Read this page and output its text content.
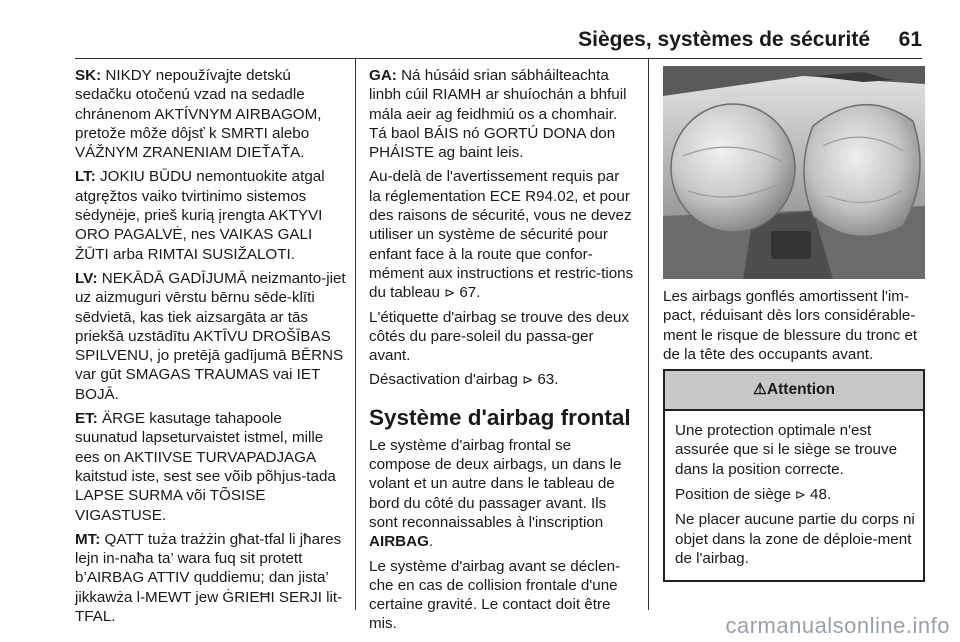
Sièges, systèmes de sécurité 61

SK: NIKDY nepoužívajte detskú sedačku otočenú vzad na sedadle chránenom AKTÍVNYM AIRBAGOM, pretože môže dôjsť k SMRTI alebo VÁŽNYM ZRANENIAM DIEŤAŤA.

LT: JOKIU BŪDU nemontuokite atgal atgręžtos vaiko tvirtinimo sistemos sėdynėje, prieš kurią įrengta AKTYVI ORO PAGALVĖ, nes VAIKAS GALI ŽŪTI arba RIMTAI SUSIŽALOTI.

LV: NEKĀDĀ GADĪJUMĀ neizmanto-jiet uz aizmuguri vērstu bērnu sēde-klīti sēdvietā, kas tiek aizsargāta ar tās priekšā uzstādītu AKTĪVU DROŠĪBAS SPILVENU, jo pretējā gadījumā BĒRNS var gūt SMAGAS TRAUMAS vai IET BOJĀ.

ET: ÄRGE kasutage tahapoole suunatud lapseturvaistet istmel, mille ees on AKTIIVSE TURVAPADJAGA kaitstud iste, sest see võib põhjus-tada LAPSE SURMA või TÕSISE VIGASTUSE.

MT: QATT tuża trażżin għat-tfal li jħares lejn in-naħa ta’ wara fuq sit protett b’AIRBAG ATTIV quddiemu; dan jista’ jikkawża l-MEWT jew ĠRIEĦI SERJI lit-TFAL.

GA: Ná húsáid srian sábháilteachta linbh cúil RIAMH ar shuíochán a bhfuil mála aeir ag feidhmiú os a chomhair. Tá baol BÁIS nó GORTÚ DONA don PHÁISTE ag baint leis.

Au-delà de l'avertissement requis par la réglementation ECE R94.02, et pour des raisons de sécurité, vous ne devez utiliser un système de sécurité pour enfant face à la route que confor-mément aux instructions et restric-tions du tableau ⊳ 67.

L'étiquette d'airbag se trouve des deux côtés du pare-soleil du passa-ger avant.

Désactivation d'airbag ⊳ 63.

Système d'airbag frontal

Le système d'airbag frontal se compose de deux airbags, un dans le volant et un autre dans le tableau de bord du côté du passager avant. Ils sont reconnaissables à l'inscription AIRBAG.

Le système d'airbag avant se déclen-che en cas de collision frontale d'une certaine gravité. Le contact doit être mis.

Les airbags gonflés amortissent l'im-pact, réduisant dès lors considérable-ment le risque de blessure du tronc et de la tête des occupants avant.

⚠Attention

Une protection optimale n'est assurée que si le siège se trouve dans la position correcte.

Position de siège ⊳ 48.

Ne placer aucune partie du corps ni objet dans la zone de déploie-ment de l'airbag.

carmanualsonline.info
